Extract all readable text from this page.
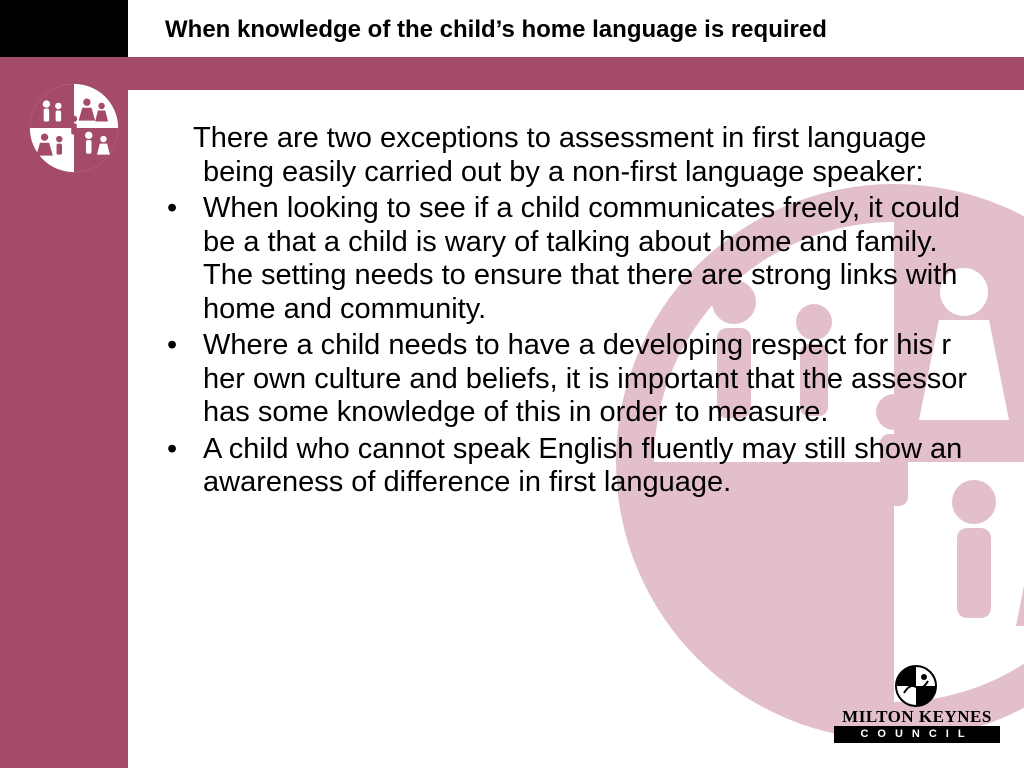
When knowledge of the child’s home language is required

There are two exceptions to assessment in first language being easily carried out by a non-first language speaker:

• When looking to see if a child communicates freely, it could be a that a child is wary of talking about home and family. The setting needs to ensure that there are strong links with home and community.
• Where a child needs to have a developing respect for his r her own culture and beliefs, it is important that the assessor has some knowledge of this in order to measure.
• A child who cannot speak English fluently may still show an awareness of difference in first language.
MILTON KEYNES
COUNCIL
